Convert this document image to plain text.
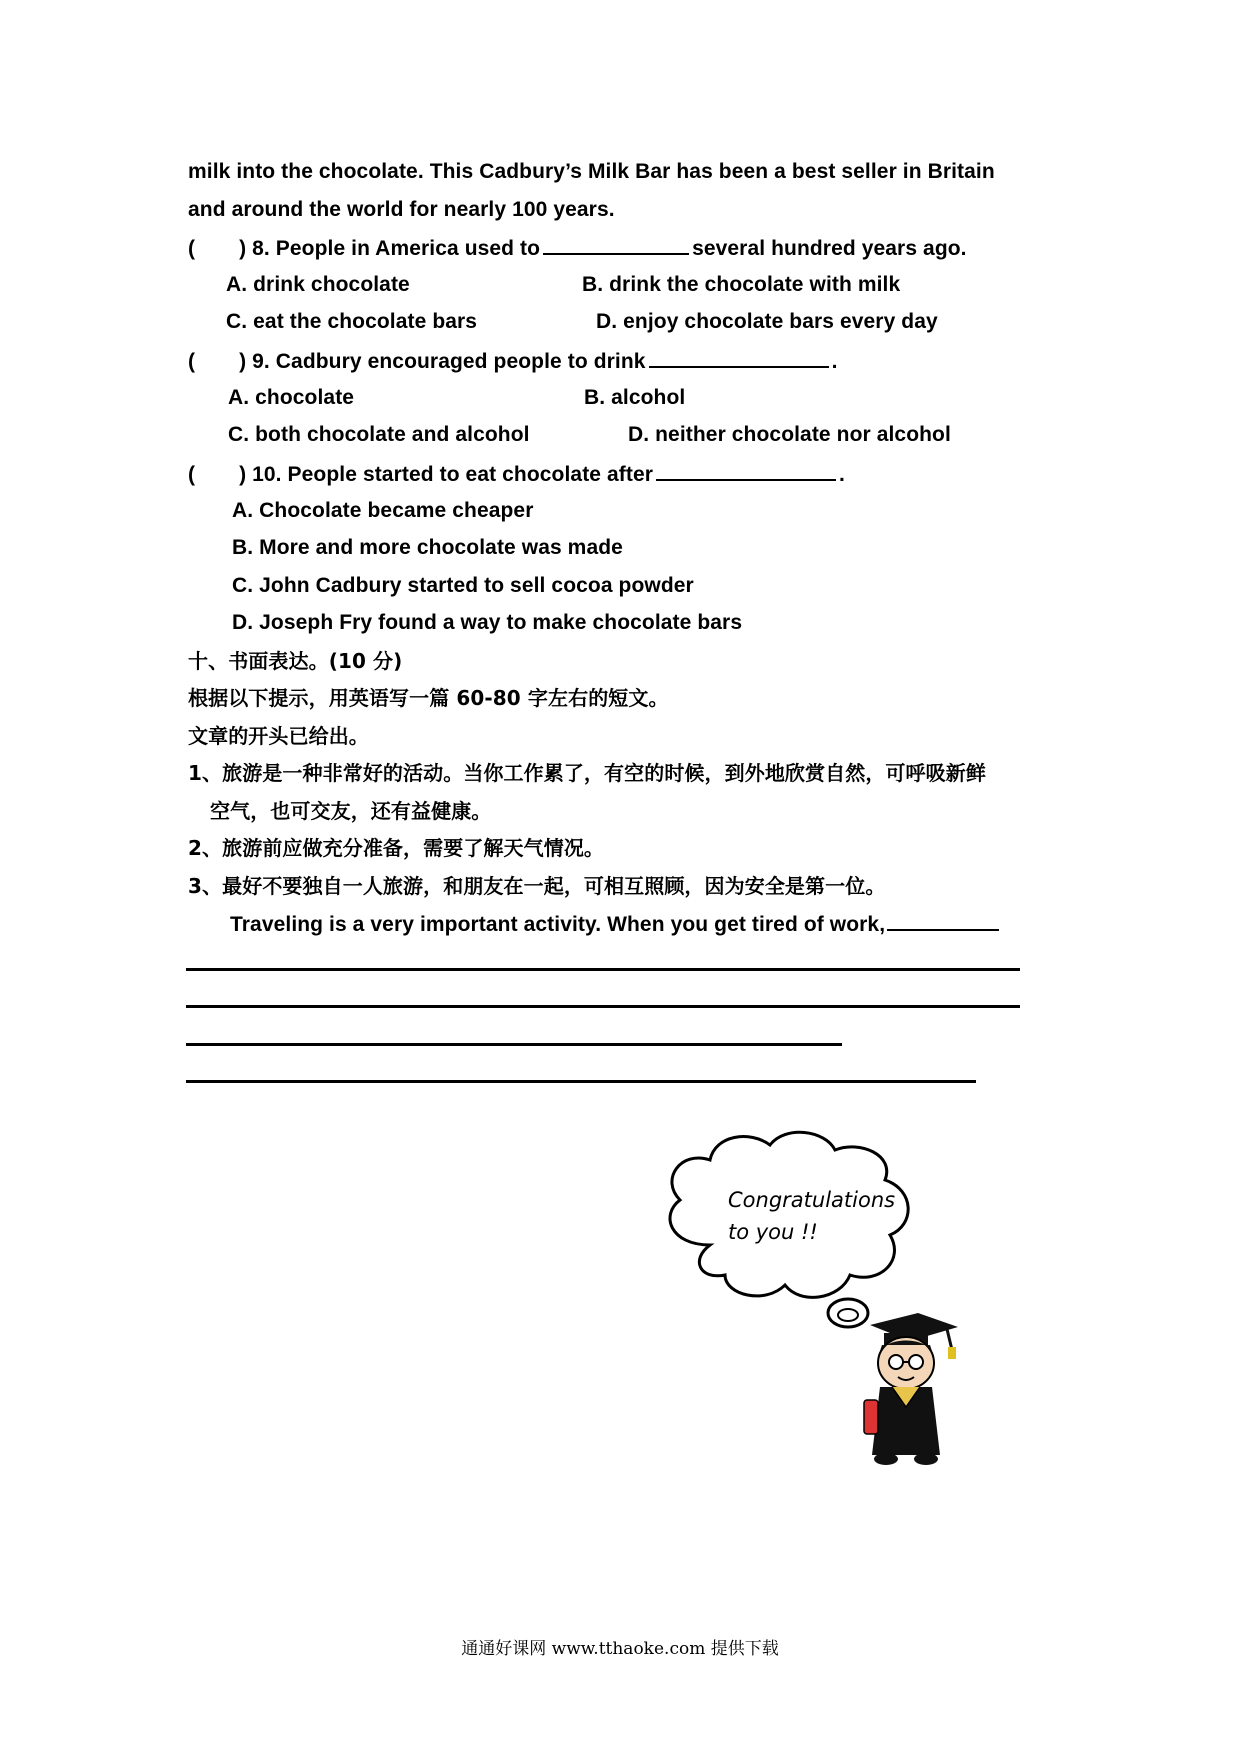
milk into the chocolate. This Cadbury’s Milk Bar has been a best seller in Britain
and around the world for nearly 100 years.
( ) 8. People in America used to	several hundred years ago.
A. drink chocolate	B. drink the chocolate with milk
C. eat the chocolate bars	D. enjoy chocolate bars every day
( ) 9. Cadbury encouraged people to drink	.
A. chocolate	B. alcohol
C. both chocolate and alcohol	D. neither chocolate nor alcohol
( ) 10. People started to eat chocolate after	.
A. Chocolate became cheaper
B. More and more chocolate was made
C. John Cadbury started to sell cocoa powder
D. Joseph Fry found a way to make chocolate bars
十、书面表达。(10 分)
根据以下提示，用英语写一篇 60-80 字左右的短文。
文章的开头已给出。
1、旅游是一种非常好的活动。当你工作累了，有空的时候，到外地欣赏自然，可呼吸新鲜
空气，也可交友，还有益健康。
2、旅游前应做充分准备，需要了解天气情况。
3、最好不要独自一人旅游，和朋友在一起，可相互照顾，因为安全是第一位。
Traveling is a very important activity. When you get tired of work,
Congratulations
to you !!
通通好课网 www.tthaoke.com 提供下载
